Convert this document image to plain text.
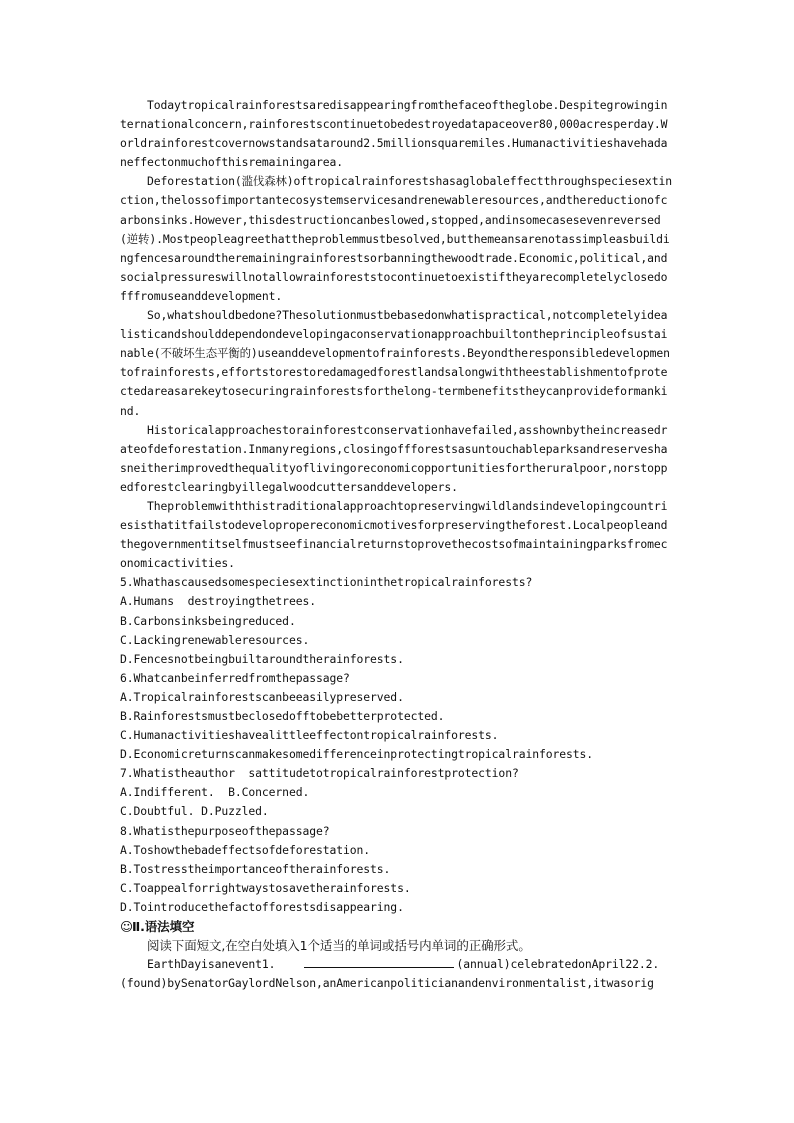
Todaytropicalrainforestsaredisappearingfromthefaceoftheglobe.Despitegrowinginternationalconcern,rainforestscontinuetobedestroyedatapaceover80,000acresperday.Worldrainforestcovernowstandsataround2.5millionsquaremiles.Humanactivitieshavehadaneffectonmuchofthisremainingarea.

Deforestation(滥伐森林)oftropicalrainforestshasaglobaleffectthroughspeciesextinction,thelossofimportantecosystemservicesandrenewableresources,andthereductionofcarbonsinks.However,thisdestructioncanbeslowed,stopped,andinsomecasesevenreversed(逆转).Mostpeopleagreethattheproblemmustbesolved,butthemeansarenotassimpleasbuildingfencesaroundtheremainingrainforestsorbanningthewoodtrade.Economic,political,andsocialpressureswillnotallowrainforeststocontinuetoexistiftheyarecompletelyclosedofffromuseanddevelopment.

So,whatshouldbedone?Thesolutionmustbebasedonwhatispractical,notcompletelyidealisticandshoulddependondevelopingaconservationapproachbuiltontheprincipleofsustainable(不破坏生态平衡的)useanddevelopmentofrainforests.Beyondtheresponsibledevelopmentofrainforests,effortstorestoredamagedforestlandsalongwiththeestablishmentofprotectedareasarekeytosecuringrainforestsforthelong-termbenefitstheycanprovideformankind.

Historicalapproachestorainforestconservationhavefailed,asshownbytheincreasedrateofdeforestation.Inmanyregions,closingoffforestsasuntouchableparksandreserveshasneitherimprovedthequalityoflivingoreconomicopportunitiesfortheruralpoor,norstoppedforestclearingbyillegalwoodcuttersanddevelopers.

Theproblemwiththistraditionalapproachtopreservingwildlandsindevelopingcountriesisthatitfailstodevelopropereconomicmotivesforpreservingtheforest.Localpeopleandthegovernmentitselfmustseefinancialreturnstoprovethecostsofmaintainingparksfromeconomicactivities.

5.Whathascausedsomespeciesextinctioninthetropicalrainforests?

A.Humans  destroyingthetrees.

B.Carbonsinksbeingreduced.

C.Lackingrenewableresources.

D.Fencesnotbeingbuiltaroundtherainforests.

6.Whatcanbeinferredfromthepassage?

A.Tropicalrainforestscanbeeasilypreserved.

B.Rainforestsmustbeclosedofftobebetterprotected.

C.Humanactivitieshavealittleeffectontropicalrainforests.

D.Economicreturnscanmakesomedifferenceinprotectingtropicalrainforests.

7.Whatistheauthor  sattitudetotropicalrainforestprotection?

A.Indifferent.  B.Concerned.

C.Doubtful. D.Puzzled.

8.Whatisthepurposeofthepassage?

A.Toshowthebadeffectsofdeforestation.

B.Tostresstheimportanceoftherainforests.

C.Toappealforrightwaystosavetherainforests.

D.Tointroducethefactofforestsdisappearing.

☺Ⅱ.语法填空

阅读下面短文,在空白处填入1个适当的单词或括号内单词的正确形式。

EarthDayisanevent1.	(annual)celebratedonApril22.2.

(found)bySenatorGaylordNelson,anAmericanpoliticianandenvironmentalist,itwasorig
